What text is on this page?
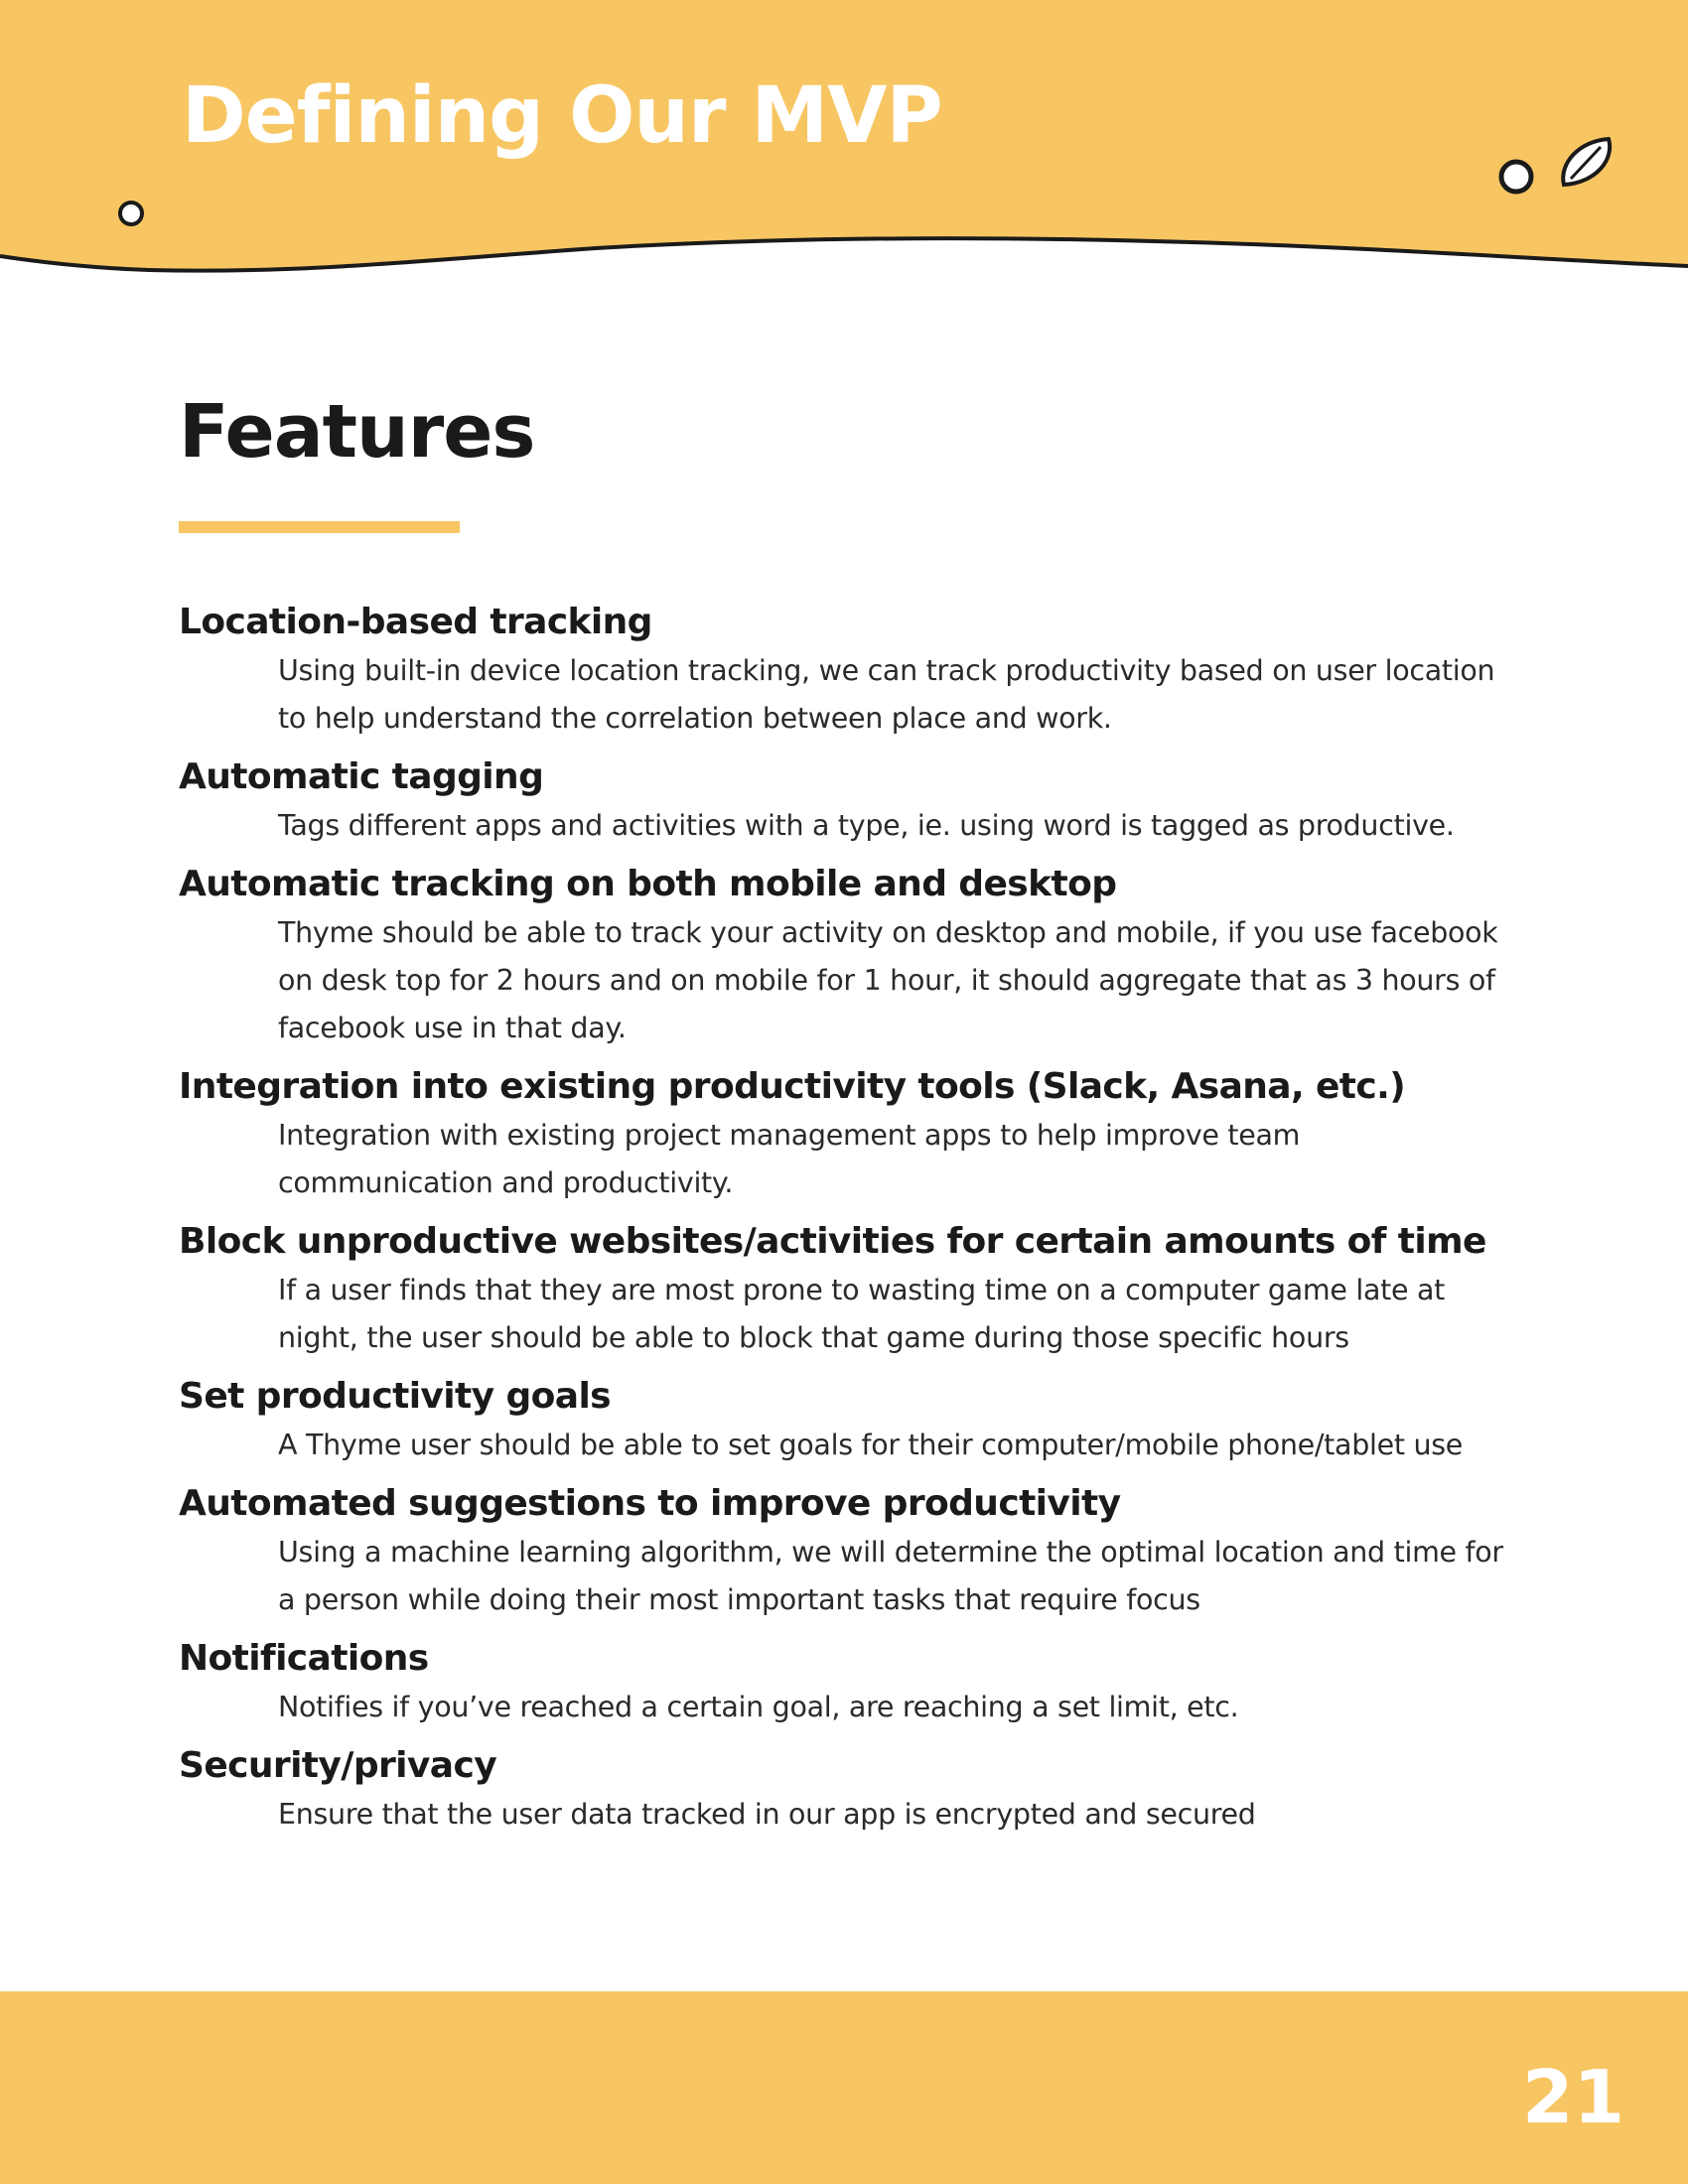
Defining Our MVP
Features
Location-based tracking

Using built-in device location tracking, we can track productivity based on user location to help understand the correlation between place and work.

Automatic tagging

Tags different apps and activities with a type, ie. using word is tagged as productive.

Automatic tracking on both mobile and desktop

Thyme should be able to track your activity on desktop and mobile, if you use facebook on desk top for 2 hours and on mobile for 1 hour, it should aggregate that as 3 hours of facebook use in that day.

Integration into existing productivity tools (Slack, Asana, etc.)

Integration with existing project management apps to help improve team communication and productivity.

Block unproductive websites/activities for certain amounts of time

If a user finds that they are most prone to wasting time on a computer game late at night, the user should be able to block that game during those specific hours

Set productivity goals

A Thyme user should be able to set goals for their computer/mobile phone/tablet use

Automated suggestions to improve productivity

Using a machine learning algorithm, we will determine the optimal location and time for a person while doing their most important tasks that require focus

Notifications

Notifies if you’ve reached a certain goal, are reaching a set limit, etc.

Security/privacy

Ensure that the user data tracked in our app is encrypted and secured

21
